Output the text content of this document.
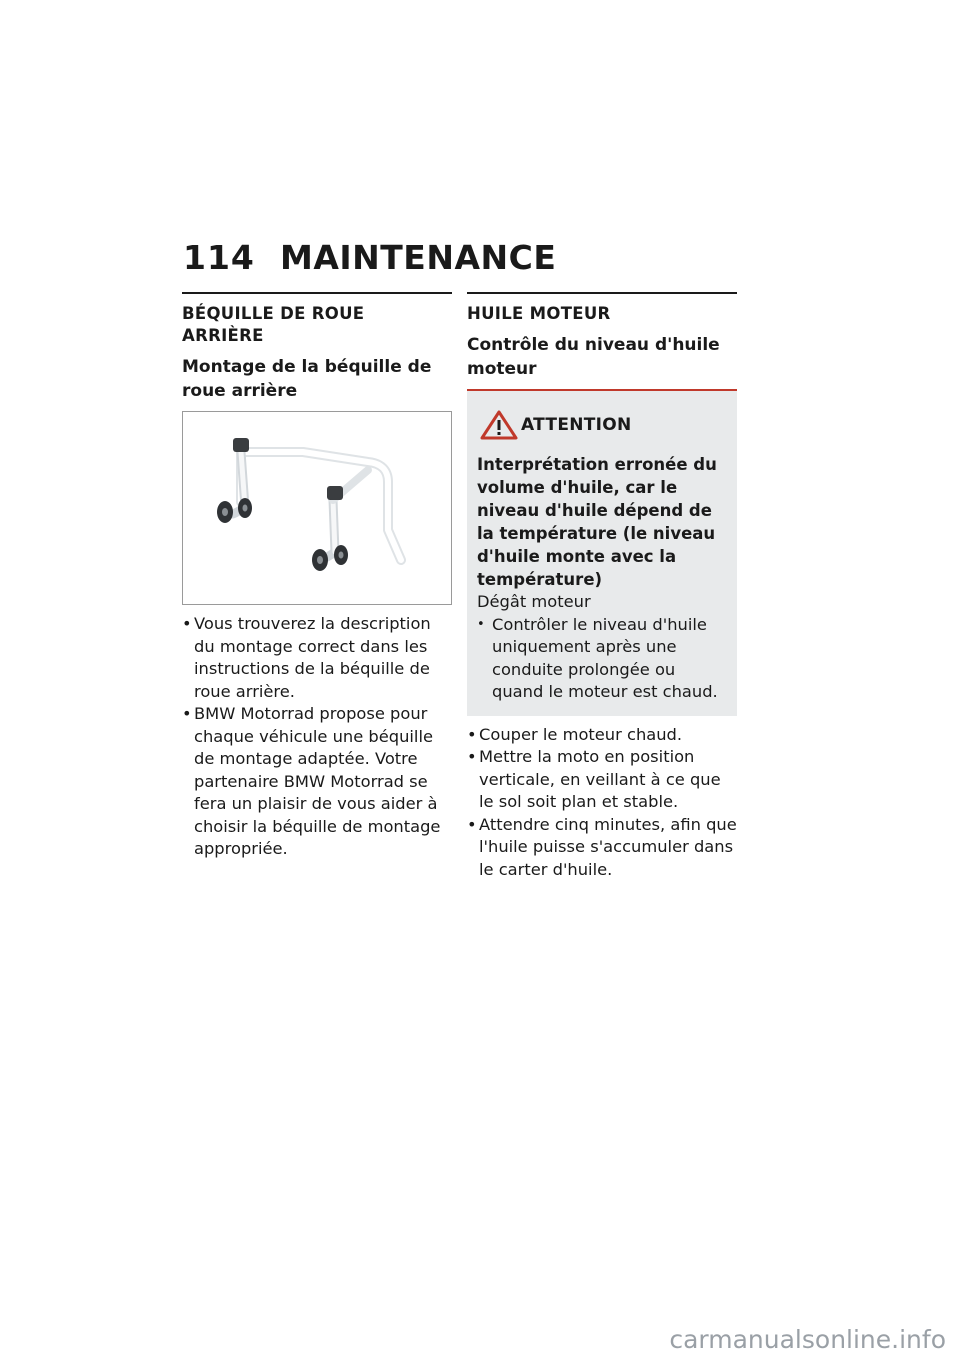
114 MAINTENANCE
BÉQUILLE DE ROUE ARRIÈRE
Montage de la béquille de roue arrière
• Vous trouverez la description du montage correct dans les instructions de la béquille de roue arrière.
• BMW Motorrad propose pour chaque véhicule une béquille de montage adaptée. Votre partenaire BMW Motorrad se fera un plaisir de vous aider à choisir la béquille de montage appropriée.
HUILE MOTEUR
Contrôle du niveau d'huile moteur
ATTENTION
Interprétation erronée du volume d'huile, car le niveau d'huile dépend de la température (le niveau d'huile monte avec la température)
Dégât moteur
• Contrôler le niveau d'huile uniquement après une conduite prolongée ou quand le moteur est chaud.
• Couper le moteur chaud.
• Mettre la moto en position verticale, en veillant à ce que le sol soit plan et stable.
• Attendre cinq minutes, afin que l'huile puisse s'accumuler dans le carter d'huile.
carmanualsonline.info
